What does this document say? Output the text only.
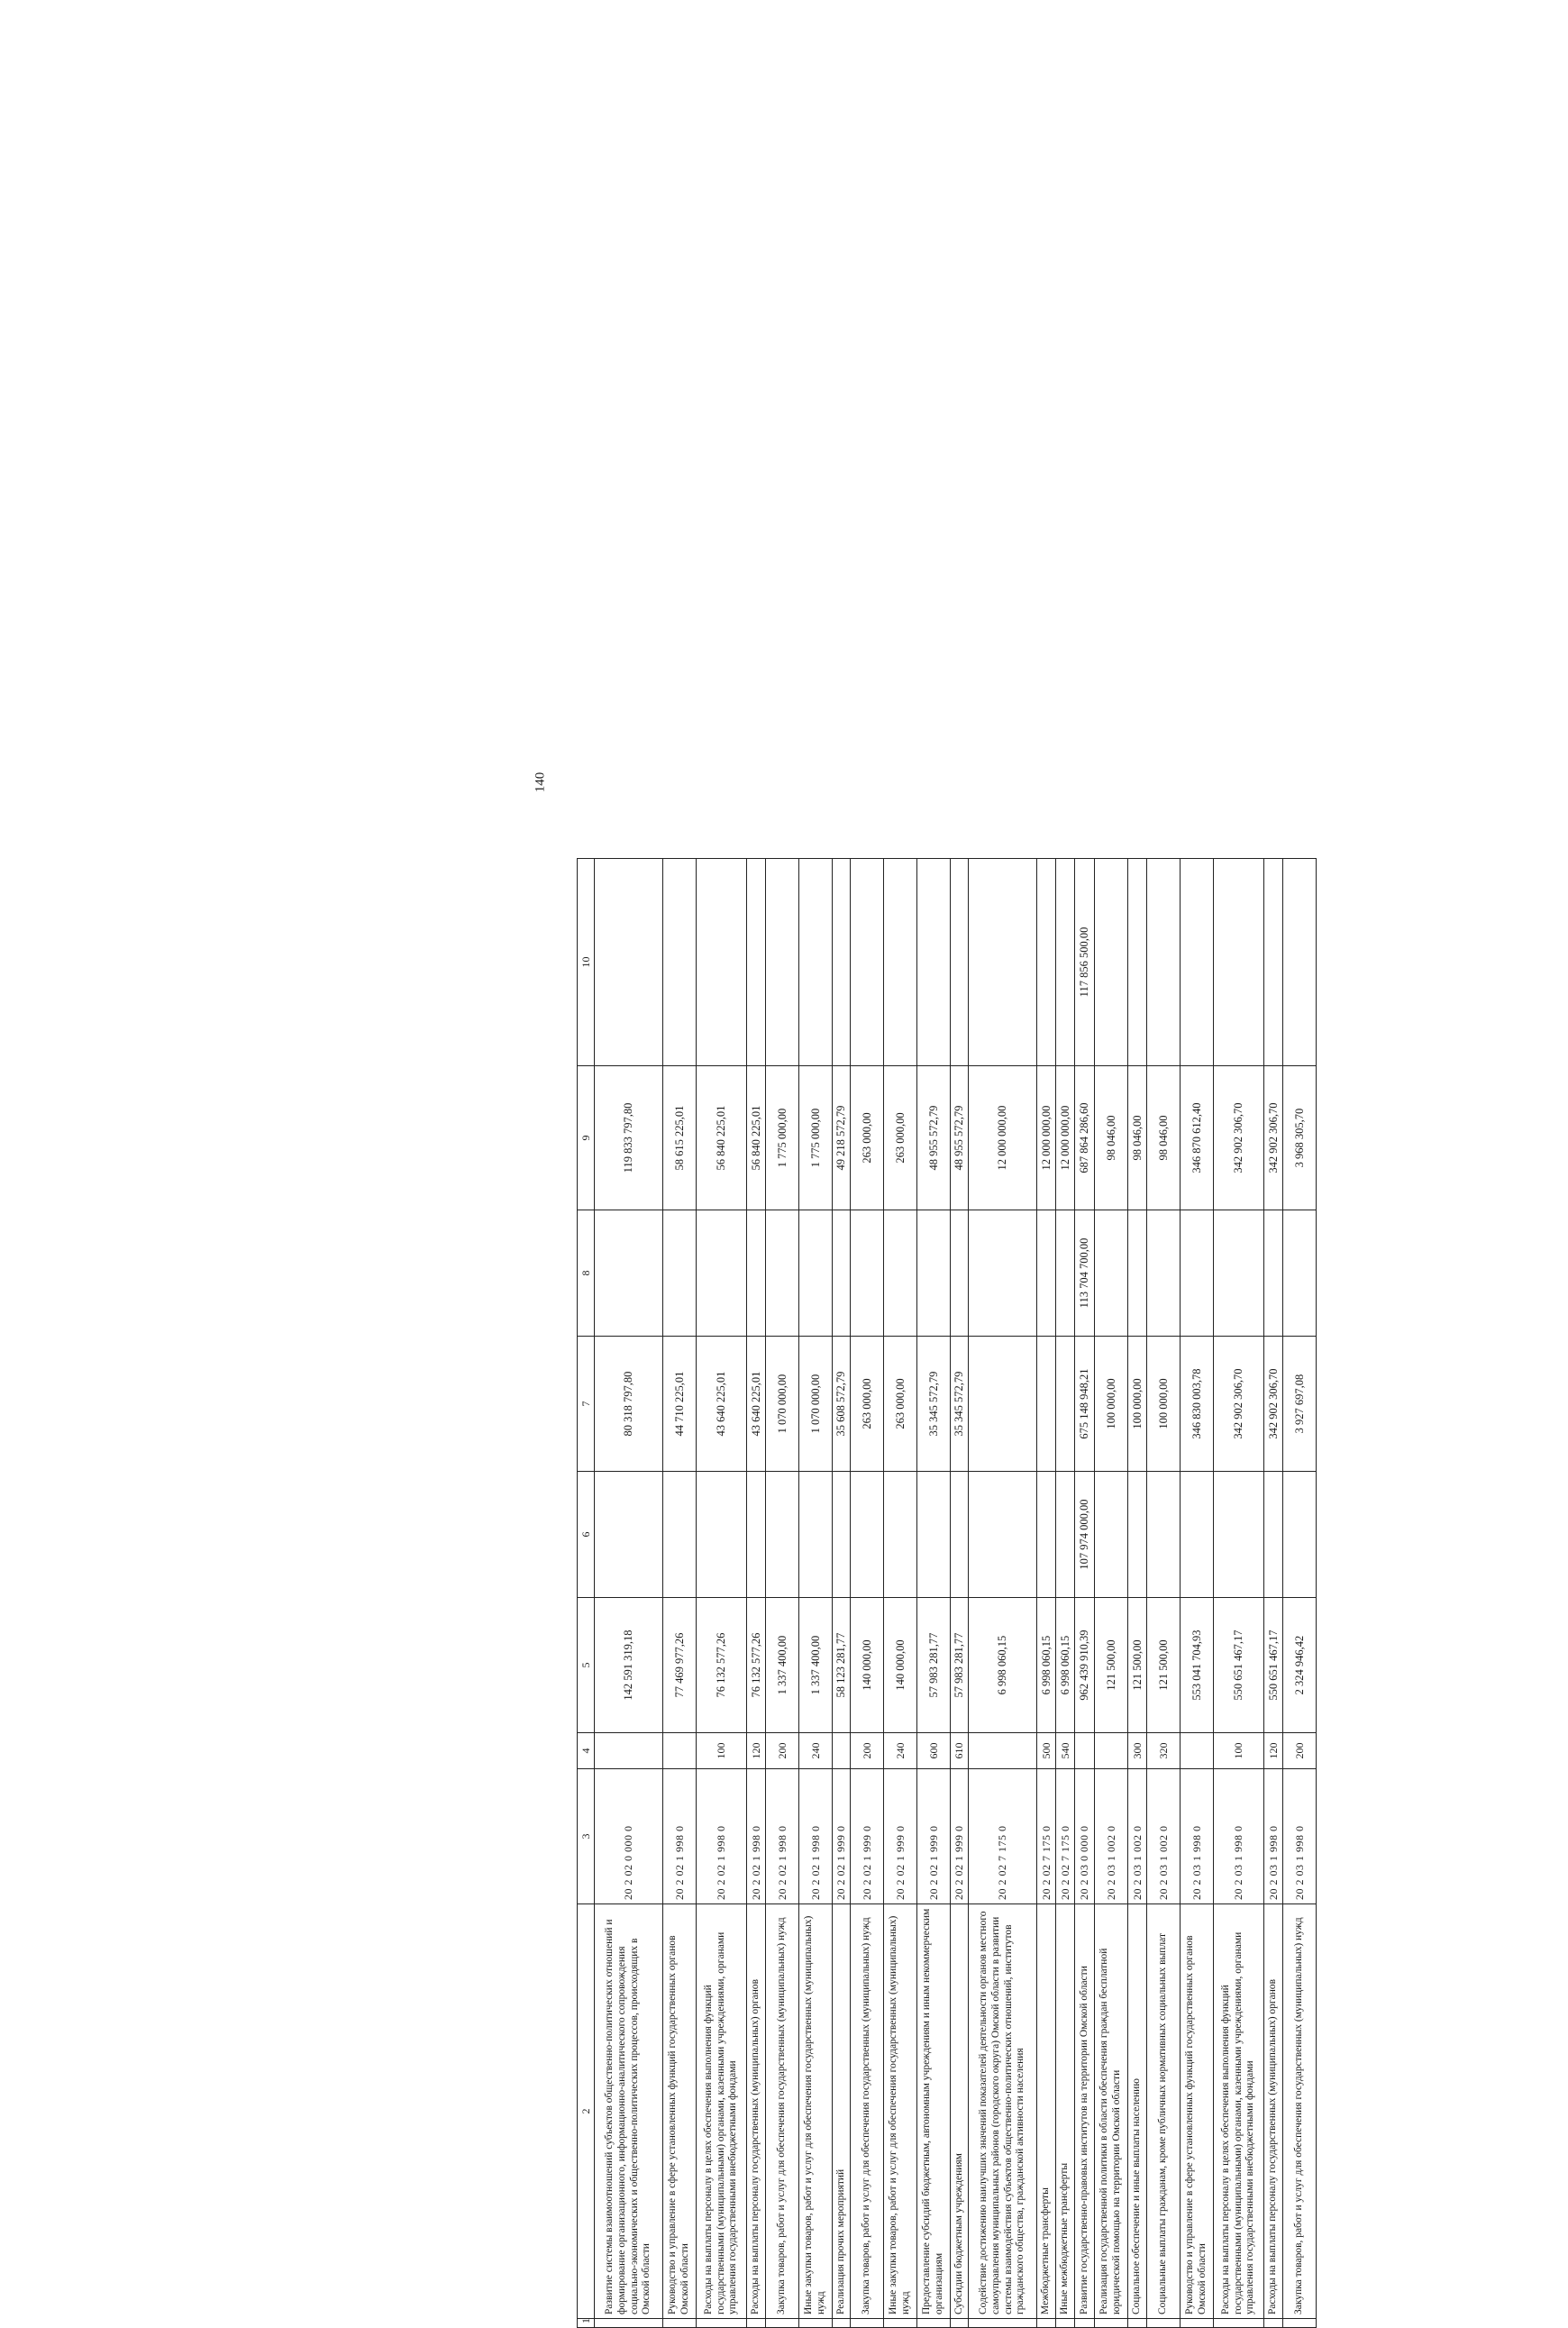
140
1	2	3	4	5	6	7	8	9	10
	Развитие системы взаимоотношений субъектов общественно-политических отношений и формирование организационного, информационно-аналитического сопровождения социально-экономических и общественно-политических процессов, происходящих в Омской области	20 2 02 0 000 0		142 591 319,18		80 318 797,80		119 833 797,80	
	Руководство и управление в сфере установленных функций государственных органов Омской области	20 2 02 1 998 0		77 469 977,26		44 710 225,01		58 615 225,01	
	Расходы на выплаты персоналу в целях обеспечения выполнения функций государственными (муниципальными) органами, казенными учреждениями, органами управления государственными внебюджетными фондами	20 2 02 1 998 0	100	76 132 577,26		43 640 225,01		56 840 225,01	
	Расходы на выплаты персоналу государственных (муниципальных) органов	20 2 02 1 998 0	120	76 132 577,26		43 640 225,01		56 840 225,01	
	Закупка товаров, работ и услуг для обеспечения государственных (муниципальных) нужд	20 2 02 1 998 0	200	1 337 400,00		1 070 000,00		1 775 000,00	
	Иные закупки товаров, работ и услуг для обеспечения государственных (муниципальных) нужд	20 2 02 1 998 0	240	1 337 400,00		1 070 000,00		1 775 000,00	
	Реализация прочих мероприятий	20 2 02 1 999 0		58 123 281,77		35 608 572,79		49 218 572,79	
	Закупка товаров, работ и услуг для обеспечения государственных (муниципальных) нужд	20 2 02 1 999 0	200	140 000,00		263 000,00		263 000,00	
	Иные закупки товаров, работ и услуг для обеспечения государственных (муниципальных) нужд	20 2 02 1 999 0	240	140 000,00		263 000,00		263 000,00	
	Предоставление субсидий бюджетным, автономным учреждениям и иным некоммерческим организациям	20 2 02 1 999 0	600	57 983 281,77		35 345 572,79		48 955 572,79	
	Субсидии бюджетным учреждениям	20 2 02 1 999 0	610	57 983 281,77		35 345 572,79		48 955 572,79	
	Содействие достижению наилучших значений показателей деятельности органов местного самоуправления муниципальных районов (городского округа) Омской области в развитии системы взаимодействия субъектов общественно-политических отношений, институтов гражданского общества, гражданской активности населения	20 2 02 7 175 0		6 998 060,15				12 000 000,00	
	Межбюджетные трансферты	20 2 02 7 175 0	500	6 998 060,15				12 000 000,00	
	Иные межбюджетные трансферты	20 2 02 7 175 0	540	6 998 060,15				12 000 000,00	
	Развитие государственно-правовых институтов на территории Омской области	20 2 03 0 000 0		962 439 910,39	107 974 000,00	675 148 948,21	113 704 700,00	687 864 286,60	117 856 500,00
	Реализация государственной политики в области обеспечения граждан бесплатной юридической помощью на территории Омской области	20 2 03 1 002 0		121 500,00		100 000,00		98 046,00	
	Социальное обеспечение и иные выплаты населению	20 2 03 1 002 0	300	121 500,00		100 000,00		98 046,00	
	Социальные выплаты гражданам, кроме публичных нормативных социальных выплат	20 2 03 1 002 0	320	121 500,00		100 000,00		98 046,00	
	Руководство и управление в сфере установленных функций государственных органов Омской области	20 2 03 1 998 0		553 041 704,93		346 830 003,78		346 870 612,40	
	Расходы на выплаты персоналу в целях обеспечения выполнения функций государственными (муниципальными) органами, казенными учреждениями, органами управления государственными внебюджетными фондами	20 2 03 1 998 0	100	550 651 467,17		342 902 306,70		342 902 306,70	
	Расходы на выплаты персоналу государственных (муниципальных) органов	20 2 03 1 998 0	120	550 651 467,17		342 902 306,70		342 902 306,70	
	Закупка товаров, работ и услуг для обеспечения государственных (муниципальных) нужд	20 2 03 1 998 0	200	2 324 946,42		3 927 697,08		3 968 305,70	
